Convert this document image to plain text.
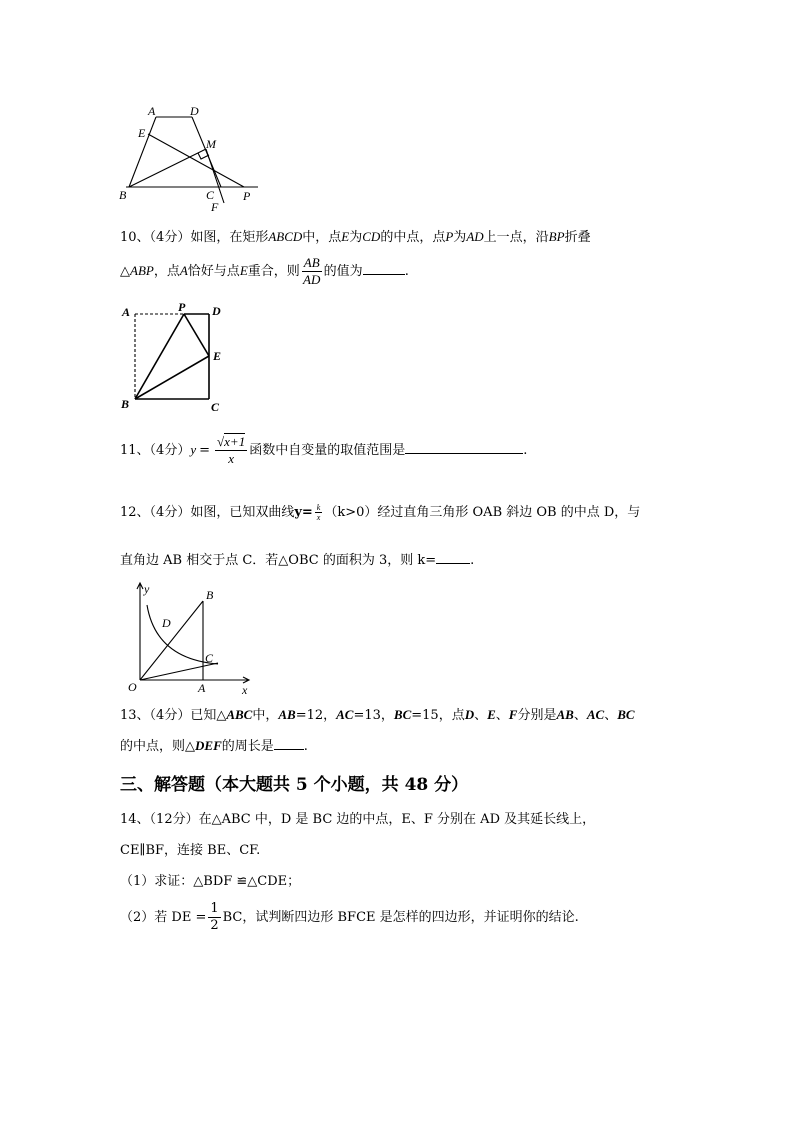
A	D
E
M
B	C P
F
10、（4分）如图，在矩形ABCD中，点E为CD的中点，点P为AD上一点，沿BP折叠
△ABP，点A恰好与点E重合，则 $\frac{AB}{AD}$ 的值为	.
A	P D
E
B	C
11、（4分）$y = \frac{√x+1}{x}$ 函数中自变量的取值范围是	.
12、（4分）如图，已知双曲线$y= \frac{k}{x} (k>0)$经过直角三角形 OAB 斜边 OB 的中点 D，与
直角边 AB 相交于点 C．若△OBC 的面积为 3，则 k=	.
y	B
D
C
O	A	x
13、（4分）已知△ABC中，AB=12，AC=13，BC=15，点D、E、F分别是AB、AC、BC
的中点，则△DEF的周长是 .
三、解答题（本大题共 5 个小题，共 48 分）
14、（12分）在△ABC 中，D 是 BC 边的中点，E、F 分别在 AD 及其延长线上，
CE∥BF，连接 BE、CF.
（1）求证：△BDF ≌△CDE；
（2）若 DE = $\frac{1}{2}$ BC，试判断四边形 BFCE 是怎样的四边形，并证明你的结论.
